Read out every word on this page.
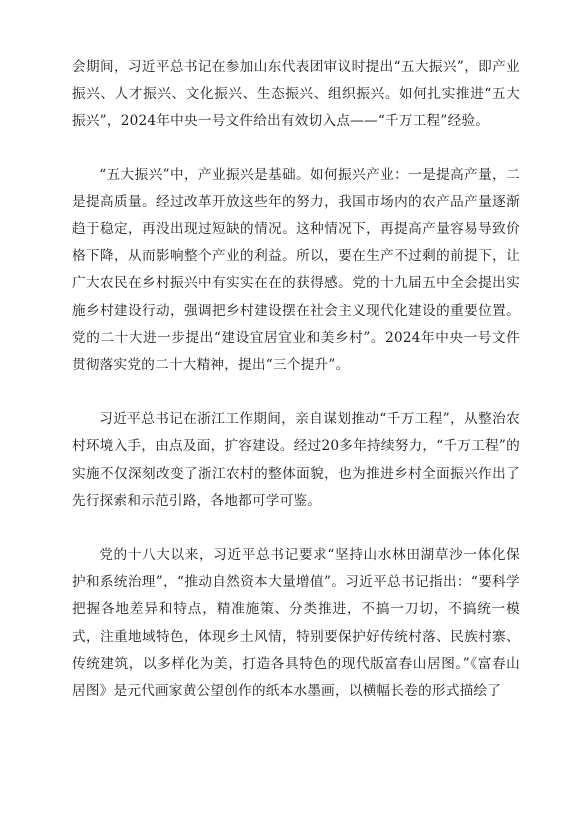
会期间，习近平总书记在参加山东代表团审议时提出“五大振兴”，即产业振兴、人才振兴、文化振兴、生态振兴、组织振兴。如何扎实推进“五大振兴”，2024年中央一号文件给出有效切入点——“千万工程”经验。

“五大振兴”中，产业振兴是基础。如何振兴产业：一是提高产量，二是提高质量。经过改革开放这些年的努力，我国市场内的农产品产量逐渐趋于稳定，再没出现过短缺的情况。这种情况下，再提高产量容易导致价格下降，从而影响整个产业的利益。所以，要在生产不过剩的前提下，让广大农民在乡村振兴中有实实在在的获得感。党的十九届五中全会提出实施乡村建设行动，强调把乡村建设摆在社会主义现代化建设的重要位置。党的二十大进一步提出“建设宜居宜业和美乡村”。2024年中央一号文件贯彻落实党的二十大精神，提出“三个提升”。

习近平总书记在浙江工作期间，亲自谋划推动“千万工程”，从整治农村环境入手，由点及面，扩容建设。经过20多年持续努力，“千万工程”的实施不仅深刻改变了浙江农村的整体面貌，也为推进乡村全面振兴作出了先行探索和示范引路，各地都可学可鉴。

党的十八大以来，习近平总书记要求“坚持山水林田湖草沙一体化保护和系统治理”，“推动自然资本大量增值”。习近平总书记指出：“要科学把握各地差异和特点，精准施策、分类推进，不搞一刀切，不搞统一模式，注重地域特色，体现乡土风情，特别要保护好传统村落、民族村寨、传统建筑，以多样化为美，打造各具特色的现代版富春山居图。”《富春山居图》是元代画家黄公望创作的纸本水墨画，以横幅长卷的形式描绘了
